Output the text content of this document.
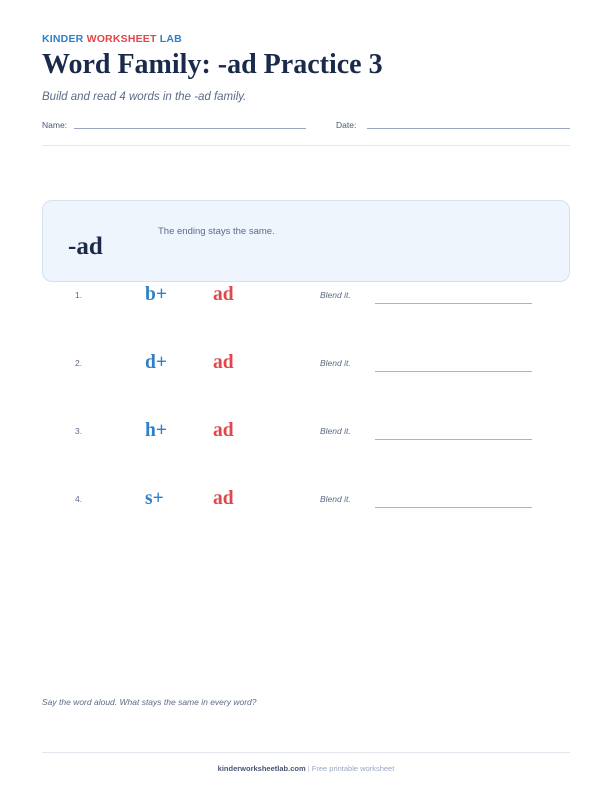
KINDER WORKSHEET LAB
Word Family: -ad Practice 3
Build and read 4 words in the -ad family.
Name:	Date:
-ad
The ending stays the same.
1.	b+ ad	Blend it.
2.	d+ ad	Blend it.
3.	h+ ad	Blend it.
4.	s+	ad	Blend it.
Say the word aloud. What stays the same in every word?
kinderworksheetlab.com | Free printable worksheet
